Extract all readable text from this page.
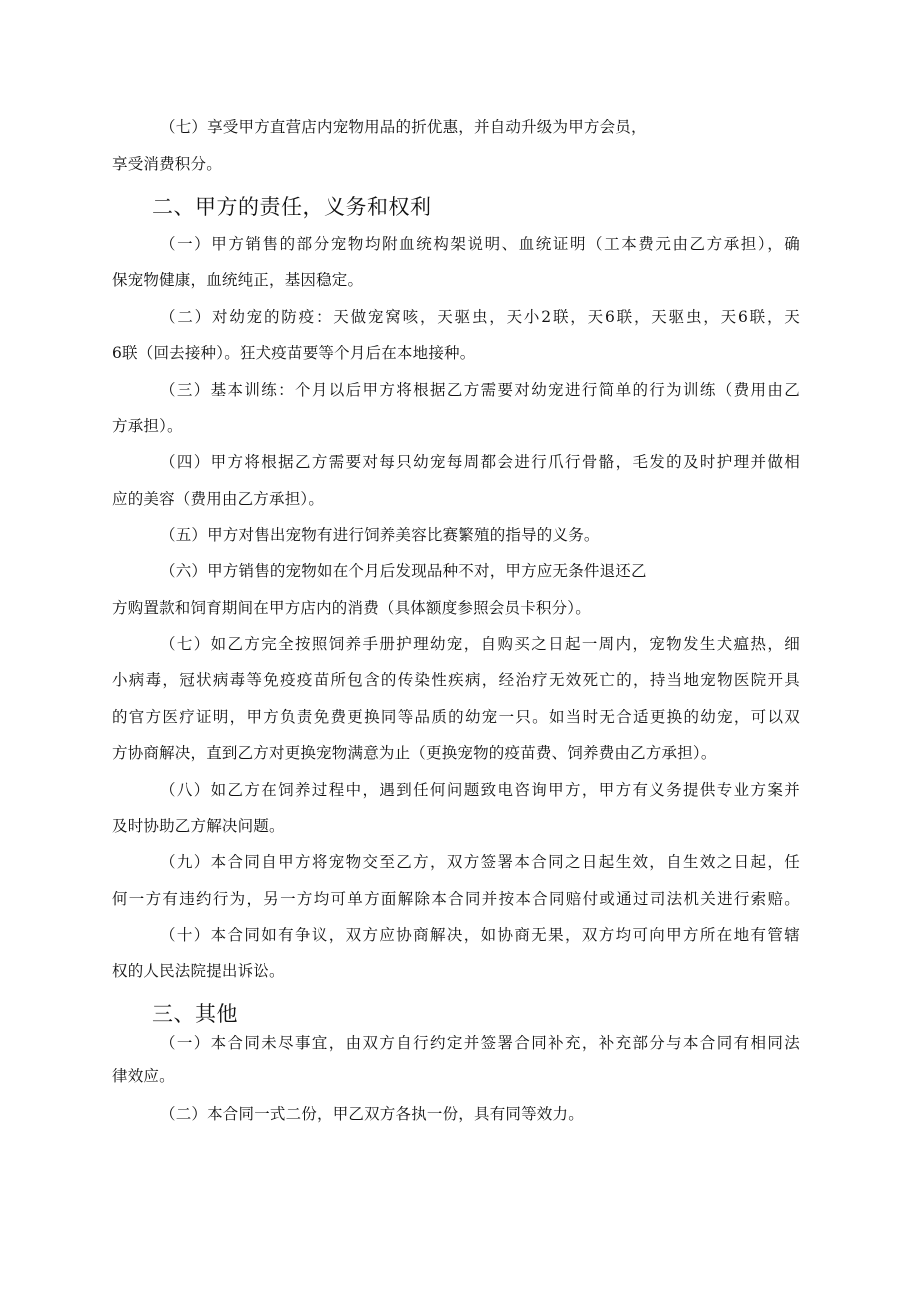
（七）享受甲方直营店内宠物用品的折优惠，并自动升级为甲方会员，
享受消费积分。
二、甲方的责任，义务和权利
（一）甲方销售的部分宠物均附血统构架说明、血统证明（工本费元由乙方承担），确
保宠物健康，血统纯正，基因稳定。
（二）对幼宠的防疫：天做宠窝咳，天驱虫，天小2联，天6联，天驱虫，天6联，天
6联（回去接种）。狂犬疫苗要等个月后在本地接种。
（三）基本训练：个月以后甲方将根据乙方需要对幼宠进行简单的行为训练（费用由乙
方承担）。
（四）甲方将根据乙方需要对每只幼宠每周都会进行爪行骨骼，毛发的及时护理并做相
应的美容（费用由乙方承担）。
（五）甲方对售出宠物有进行饲养美容比赛繁殖的指导的义务。
（六）甲方销售的宠物如在个月后发现品种不对，甲方应无条件退还乙
方购置款和饲育期间在甲方店内的消费（具体额度参照会员卡积分）。
（七）如乙方完全按照饲养手册护理幼宠，自购买之日起一周内，宠物发生犬瘟热，细
小病毒，冠状病毒等免疫疫苗所包含的传染性疾病，经治疗无效死亡的，持当地宠物医院开具
的官方医疗证明，甲方负责免费更换同等品质的幼宠一只。如当时无合适更换的幼宠，可以双
方协商解决，直到乙方对更换宠物满意为止（更换宠物的疫苗费、饲养费由乙方承担）。
（八）如乙方在饲养过程中，遇到任何问题致电咨询甲方，甲方有义务提供专业方案并
及时协助乙方解决问题。
（九）本合同自甲方将宠物交至乙方，双方签署本合同之日起生效，自生效之日起，任
何一方有违约行为，另一方均可单方面解除本合同并按本合同赔付或通过司法机关进行索赔。
（十）本合同如有争议，双方应协商解决，如协商无果，双方均可向甲方所在地有管辖
权的人民法院提出诉讼。
三、其他
（一）本合同未尽事宜，由双方自行约定并签署合同补充，补充部分与本合同有相同法
律效应。
（二）本合同一式二份，甲乙双方各执一份，具有同等效力。
